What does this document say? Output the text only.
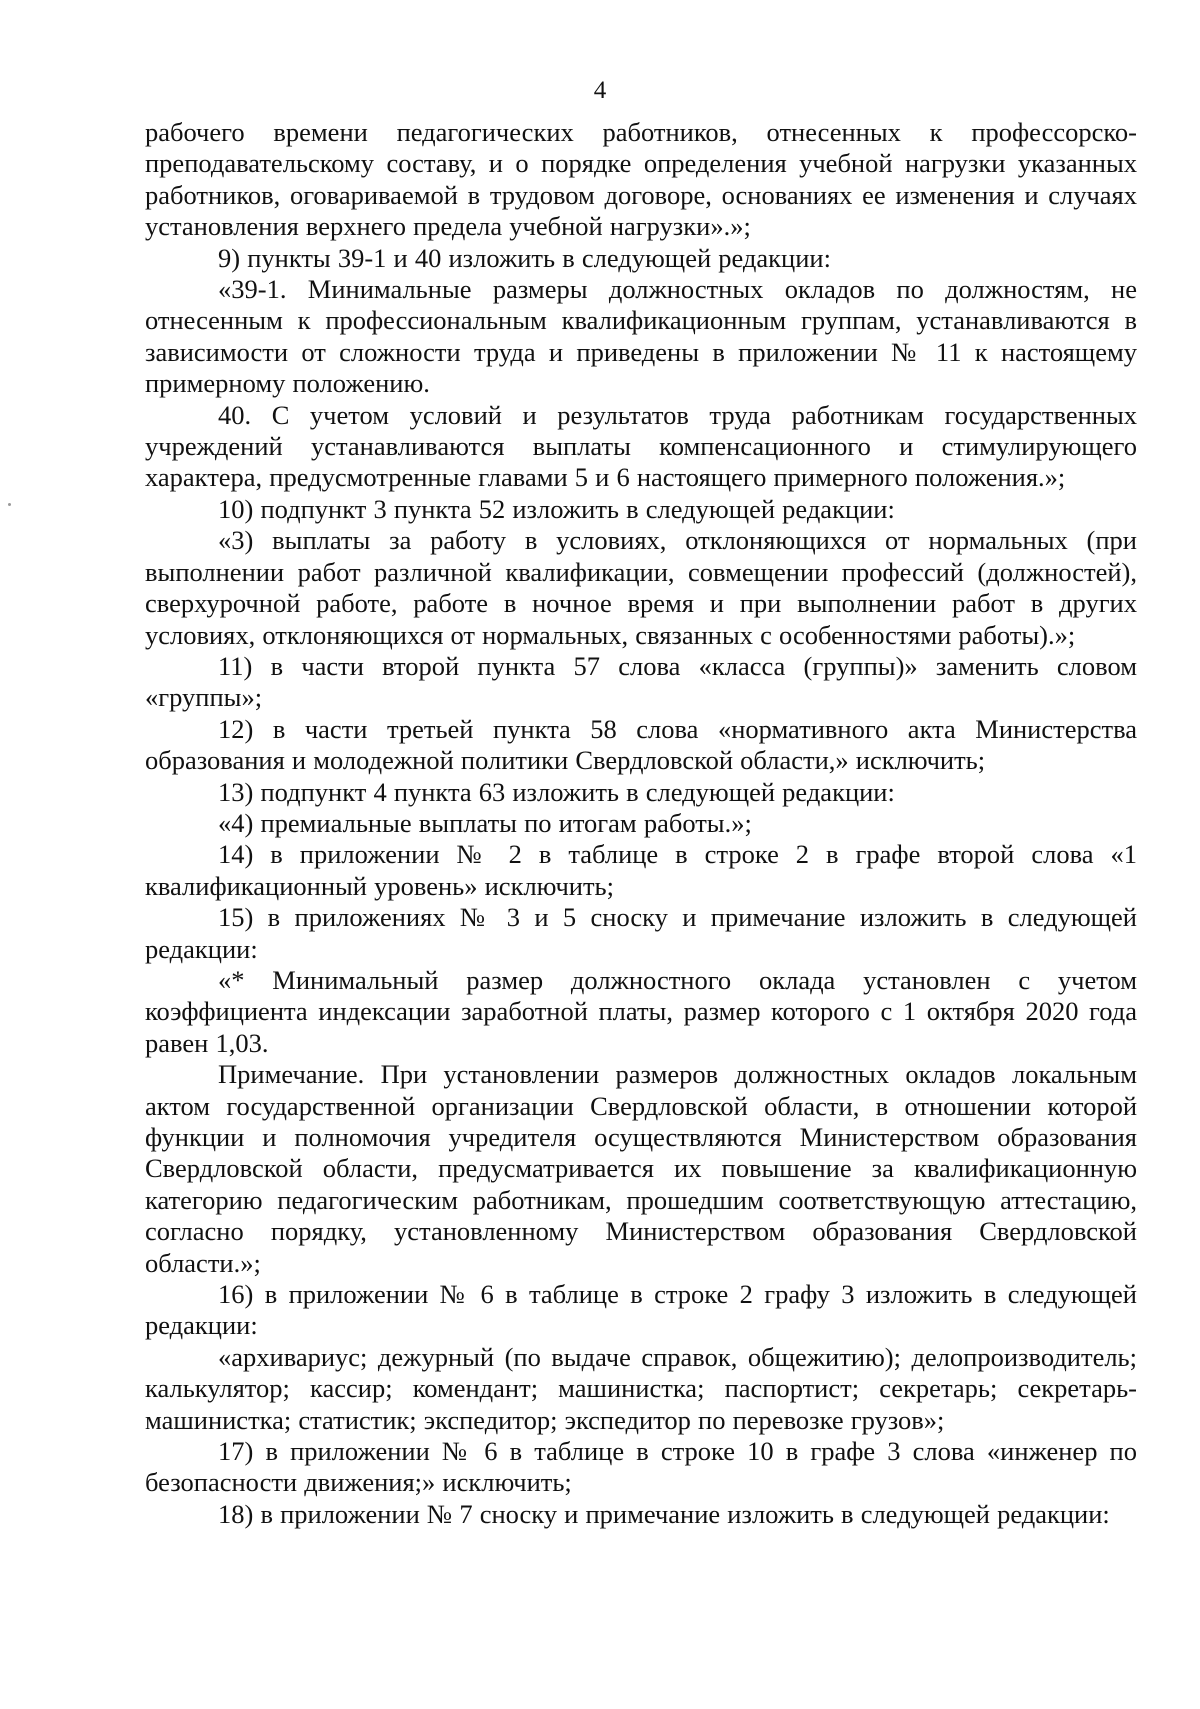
4

рабочего времени педагогических работников, отнесенных к профессорско-преподавательскому составу, и о порядке определения учебной нагрузки указанных работников, оговариваемой в трудовом договоре, основаниях ее изменения и случаях установления верхнего предела учебной нагрузки».»;

9) пункты 39-1 и 40 изложить в следующей редакции:

«39-1. Минимальные размеры должностных окладов по должностям, не отнесенным к профессиональным квалификационным группам, устанавливаются в зависимости от сложности труда и приведены в приложении № 11 к настоящему примерному положению.

40. С учетом условий и результатов труда работникам государственных учреждений устанавливаются выплаты компенсационного и стимулирующего характера, предусмотренные главами 5 и 6 настоящего примерного положения.»;

10) подпункт 3 пункта 52 изложить в следующей редакции:

«3) выплаты за работу в условиях, отклоняющихся от нормальных (при выполнении работ различной квалификации, совмещении профессий (должностей), сверхурочной работе, работе в ночное время и при выполнении работ в других условиях, отклоняющихся от нормальных, связанных с особенностями работы).»;

11) в части второй пункта 57 слова «класса (группы)» заменить словом «группы»;

12) в части третьей пункта 58 слова «нормативного акта Министерства образования и молодежной политики Свердловской области,» исключить;

13) подпункт 4 пункта 63 изложить в следующей редакции:

«4) премиальные выплаты по итогам работы.»;

14) в приложении № 2 в таблице в строке 2 в графе второй слова «1 квалификационный уровень» исключить;

15) в приложениях № 3 и 5 сноску и примечание изложить в следующей редакции:

«* Минимальный размер должностного оклада установлен с учетом коэффициента индексации заработной платы, размер которого с 1 октября 2020 года равен 1,03.

Примечание. При установлении размеров должностных окладов локальным актом государственной организации Свердловской области, в отношении которой функции и полномочия учредителя осуществляются Министерством образования Свердловской области, предусматривается их повышение за квалификационную категорию педагогическим работникам, прошедшим соответствующую аттестацию, согласно порядку, установленному Министерством образования Свердловской области.»;

16) в приложении № 6 в таблице в строке 2 графу 3 изложить в следующей редакции:

«архивариус; дежурный (по выдаче справок, общежитию); делопроизводитель; калькулятор; кассир; комендант; машинистка; паспортист; секретарь; секретарь-машинистка; статистик; экспедитор; экспедитор по перевозке грузов»;

17) в приложении № 6 в таблице в строке 10 в графе 3 слова «инженер по безопасности движения;» исключить;

18) в приложении № 7 сноску и примечание изложить в следующей редакции:
